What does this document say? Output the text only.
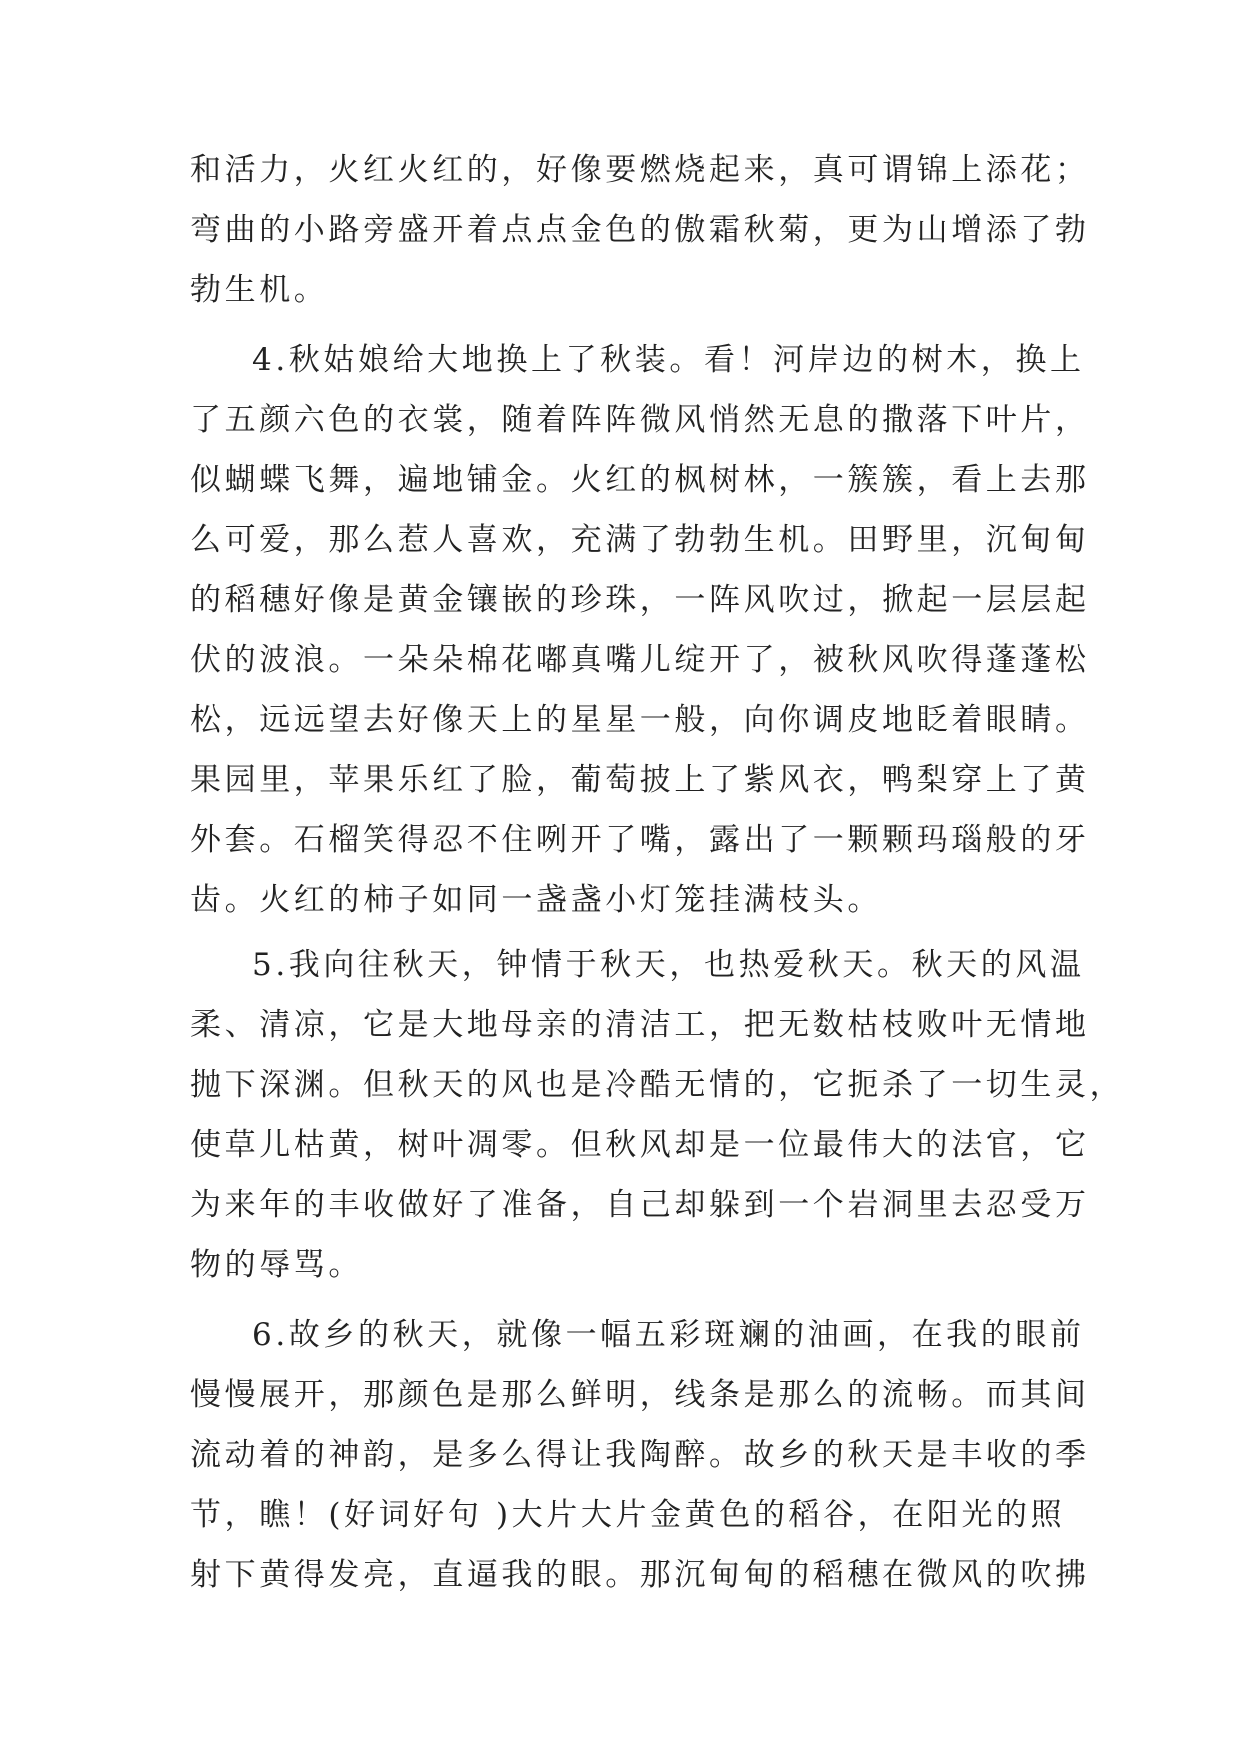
和活力，火红火红的，好像要燃烧起来，真可谓锦上添花；
弯曲的小路旁盛开着点点金色的傲霜秋菊，更为山增添了勃
勃生机。
4.秋姑娘给大地换上了秋装。看！河岸边的树木，换上
了五颜六色的衣裳，随着阵阵微风悄然无息的撒落下叶片，
似蝴蝶飞舞，遍地铺金。火红的枫树林，一簇簇，看上去那
么可爱，那么惹人喜欢，充满了勃勃生机。田野里，沉甸甸
的稻穗好像是黄金镶嵌的珍珠，一阵风吹过，掀起一层层起
伏的波浪。一朵朵棉花嘟真嘴儿绽开了，被秋风吹得蓬蓬松
松，远远望去好像天上的星星一般，向你调皮地眨着眼睛。
果园里，苹果乐红了脸，葡萄披上了紫风衣，鸭梨穿上了黄
外套。石榴笑得忍不住咧开了嘴，露出了一颗颗玛瑙般的牙
齿。火红的柿子如同一盏盏小灯笼挂满枝头。
5.我向往秋天，钟情于秋天，也热爱秋天。秋天的风温
柔、清凉，它是大地母亲的清洁工，把无数枯枝败叶无情地
抛下深渊。但秋天的风也是冷酷无情的，它扼杀了一切生灵，
使草儿枯黄，树叶凋零。但秋风却是一位最伟大的法官，它
为来年的丰收做好了准备，自己却躲到一个岩洞里去忍受万
物的辱骂。
6.故乡的秋天，就像一幅五彩斑斓的油画，在我的眼前
慢慢展开，那颜色是那么鲜明，线条是那么的流畅。而其间
流动着的神韵，是多么得让我陶醉。故乡的秋天是丰收的季
节，瞧！(好词好句 )大片大片金黄色的稻谷，在阳光的照
射下黄得发亮，直逼我的眼。那沉甸甸的稻穗在微风的吹拂
